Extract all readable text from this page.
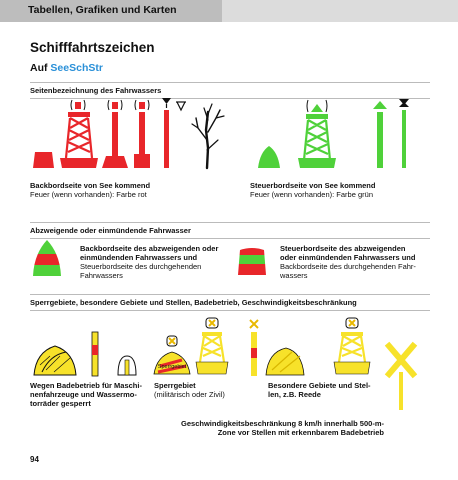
Tabellen, Grafiken und Karten
Schifffahrtszeichen
Auf SeeSchStr
Seitenbezeichnung des Fahrwassers
Abzweigende oder einmündende Fahrwasser
Sperrgebiete, besondere Gebiete und Stellen, Badebetrieb, Geschwindigkeitsbeschränkung
Sperrgebiet
Backbordseite von See kommend
Feuer (wenn vorhanden): Farbe rot
Steuerbordseite von See kommend
Feuer (wenn vorhanden): Farbe grün
Backbordseite des abzweigenden oder
einmündenden Fahrwassers und
Steuerbordseite des durchgehenden
Fahrwassers
Steuerbordseite des abzweigenden
oder einmündenden Fahrwassers und
Backbordseite des durchgehenden Fahr-
wassers
Wegen Badebetrieb für Maschi-
nenfahrzeuge und Wassermo-
torräder gesperrt
Sperrgebiet
(militärisch oder Zivil)
Besondere Gebiete und Stel-
len, z.B. Reede
Geschwindigkeitsbeschränkung 8 km/h innerhalb 500-m-
Zone vor Stellen mit erkennbarem Badebetrieb
94
